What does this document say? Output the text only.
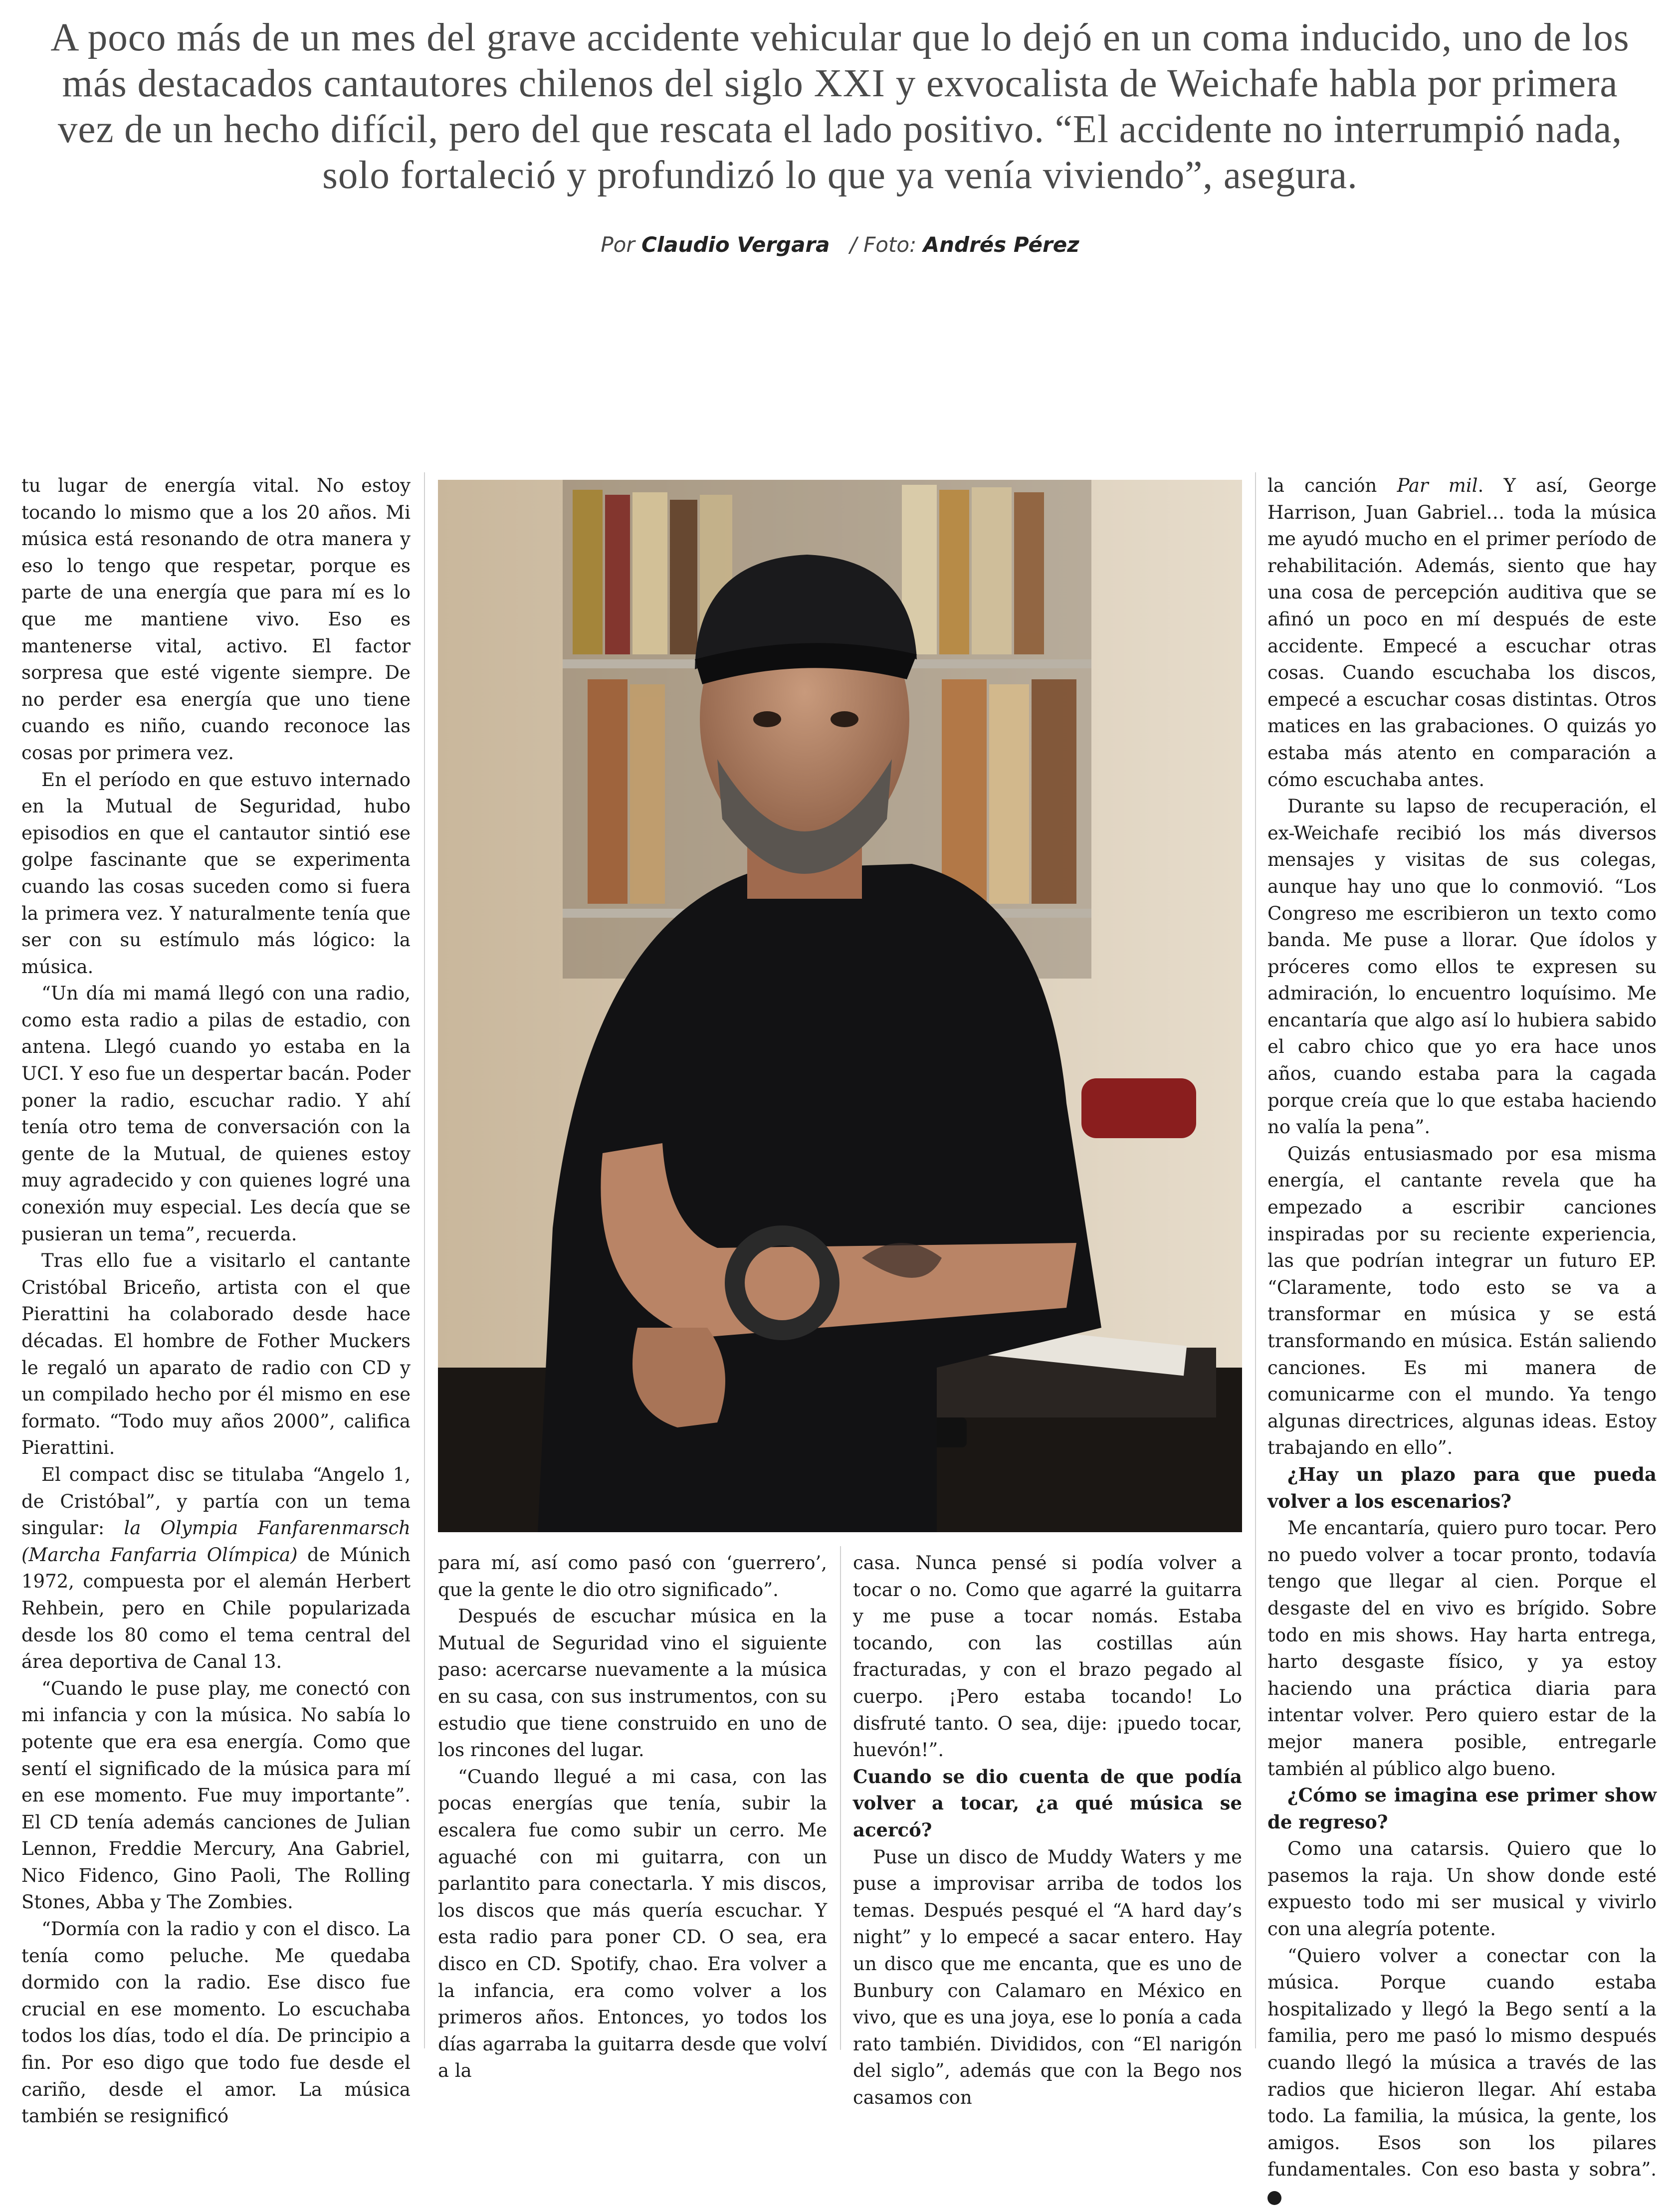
A poco más de un mes del grave accidente vehicular que lo dejó en un coma inducido, uno de los más destacados cantautores chilenos del siglo XXI y exvocalista de Weichafe habla por primera vez de un hecho difícil, pero del que rescata el lado positivo. “El accidente no interrumpió nada, solo fortaleció y profundizó lo que ya venía viviendo”, asegura.
Por Claudio Vergara / Foto: Andrés Pérez

tu lugar de energía vital. No estoy tocando lo mismo que a los 20 años. Mi música está resonando de otra manera y eso lo tengo que respetar, porque es parte de una energía que para mí es lo que me mantiene vivo. Eso es mantenerse vital, activo. El factor sorpresa que esté vigente siempre. De no perder esa energía que uno tiene cuando es niño, cuando reconoce las cosas por primera vez.

En el período en que estuvo internado en la Mutual de Seguridad, hubo episodios en que el cantautor sintió ese golpe fascinante que se experimenta cuando las cosas suceden como si fuera la primera vez. Y naturalmente tenía que ser con su estímulo más lógico: la música.

“Un día mi mamá llegó con una radio, como esta radio a pilas de estadio, con antena. Llegó cuando yo estaba en la UCI. Y eso fue un despertar bacán. Poder poner la radio, escuchar radio. Y ahí tenía otro tema de conversación con la gente de la Mutual, de quienes estoy muy agradecido y con quienes logré una conexión muy especial. Les decía que se pusieran un tema”, recuerda.

Tras ello fue a visitarlo el cantante Cristóbal Briceño, artista con el que Pierattini ha colaborado desde hace décadas. El hombre de Fother Muckers le regaló un aparato de radio con CD y un compilado hecho por él mismo en ese formato. “Todo muy años 2000”, califica Pierattini.

El compact disc se titulaba “Angelo 1, de Cristóbal”, y partía con un tema singular: la Olympia Fanfarenmarsch (Marcha Fanfarria Olímpica) de Múnich 1972, compuesta por el alemán Herbert Rehbein, pero en Chile popularizada desde los 80 como el tema central del área deportiva de Canal 13.

“Cuando le puse play, me conectó con mi infancia y con la música. No sabía lo potente que era esa energía. Como que sentí el significado de la música para mí en ese momento. Fue muy importante”. El CD tenía además canciones de Julian Lennon, Freddie Mercury, Ana Gabriel, Nico Fidenco, Gino Paoli, The Rolling Stones, Abba y The Zombies.

“Dormía con la radio y con el disco. La tenía como peluche. Me quedaba dormido con la radio. Ese disco fue crucial en ese momento. Lo escuchaba todos los días, todo el día. De principio a fin. Por eso digo que todo fue desde el cariño, desde el amor. La música también se resignificó

para mí, así como pasó con ‘guerrero’, que la gente le dio otro significado”.

Después de escuchar música en la Mutual de Seguridad vino el siguiente paso: acercarse nuevamente a la música en su casa, con sus instrumentos, con su estudio que tiene construido en uno de los rincones del lugar.

“Cuando llegué a mi casa, con las pocas energías que tenía, subir la escalera fue como subir un cerro. Me aguaché con mi guitarra, con un parlantito para conectarla. Y mis discos, los discos que más quería escuchar. Y esta radio para poner CD. O sea, era disco en CD. Spotify, chao. Era volver a la infancia, era como volver a los primeros años. Entonces, yo todos los días agarraba la guitarra desde que volví a la

casa. Nunca pensé si podía volver a tocar o no. Como que agarré la guitarra y me puse a tocar nomás. Estaba tocando, con las costillas aún fracturadas, y con el brazo pegado al cuerpo. ¡Pero estaba tocando! Lo disfruté tanto. O sea, dije: ¡puedo tocar, huevón!”.

Cuando se dio cuenta de que podía volver a tocar, ¿a qué música se acercó?

Puse un disco de Muddy Waters y me puse a improvisar arriba de todos los temas. Después pesqué el “A hard day’s night” y lo empecé a sacar entero. Hay un disco que me encanta, que es uno de Bunbury con Calamaro en México en vivo, que es una joya, ese lo ponía a cada rato también. Divididos, con “El narigón del siglo”, además que con la Bego nos casamos con

la canción Par mil. Y así, George Harrison, Juan Gabriel… toda la música me ayudó mucho en el primer período de rehabilitación. Además, siento que hay una cosa de percepción auditiva que se afinó un poco en mí después de este accidente. Empecé a escuchar otras cosas. Cuando escuchaba los discos, empecé a escuchar cosas distintas. Otros matices en las grabaciones. O quizás yo estaba más atento en comparación a cómo escuchaba antes.

Durante su lapso de recuperación, el ex-Weichafe recibió los más diversos mensajes y visitas de sus colegas, aunque hay uno que lo conmovió. “Los Congreso me escribieron un texto como banda. Me puse a llorar. Que ídolos y próceres como ellos te expresen su admiración, lo encuentro loquísimo. Me encantaría que algo así lo hubiera sabido el cabro chico que yo era hace unos años, cuando estaba para la cagada porque creía que lo que estaba haciendo no valía la pena”.

Quizás entusiasmado por esa misma energía, el cantante revela que ha empezado a escribir canciones inspiradas por su reciente experiencia, las que podrían integrar un futuro EP. “Claramente, todo esto se va a transformar en música y se está transformando en música. Están saliendo canciones. Es mi manera de comunicarme con el mundo. Ya tengo algunas directrices, algunas ideas. Estoy trabajando en ello”.

¿Hay un plazo para que pueda volver a los escenarios?

Me encantaría, quiero puro tocar. Pero no puedo volver a tocar pronto, todavía tengo que llegar al cien. Porque el desgaste del en vivo es brígido. Sobre todo en mis shows. Hay harta entrega, harto desgaste físico, y ya estoy haciendo una práctica diaria para intentar volver. Pero quiero estar de la mejor manera posible, entregarle también al público algo bueno.

¿Cómo se imagina ese primer show de regreso?

Como una catarsis. Quiero que lo pasemos la raja. Un show donde esté expuesto todo mi ser musical y vivirlo con una alegría potente.

“Quiero volver a conectar con la música. Porque cuando estaba hospitalizado y llegó la Bego sentí a la familia, pero me pasó lo mismo después cuando llegó la música a través de las radios que hicieron llegar. Ahí estaba todo. La familia, la música, la gente, los amigos. Esos son los pilares fundamentales. Con eso basta y sobra”. o
